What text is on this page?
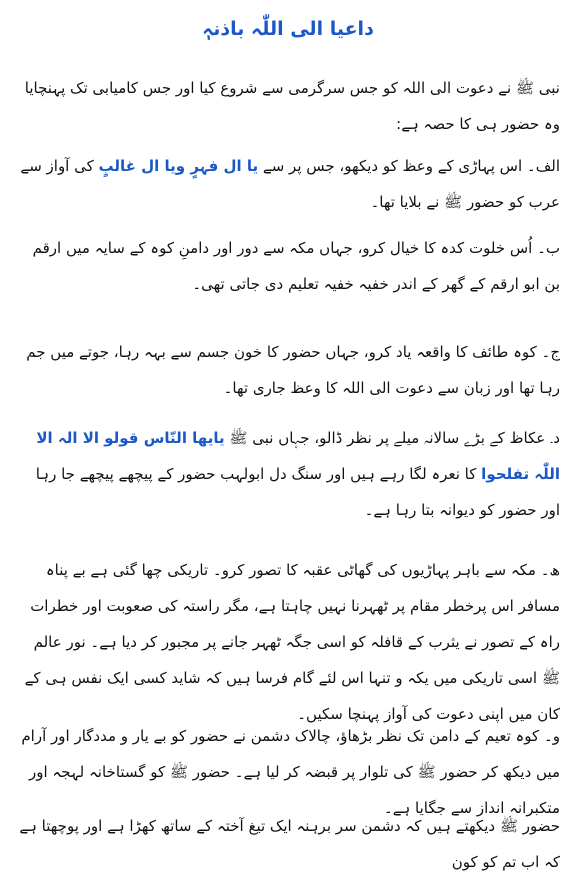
داعیا الی اللّٰہ باذنہٖ
نبی ﷺ نے دعوت الی اللہ کو جس سرگرمی سے شروع کیا اور جس کامیابی تک پہنچایا وہ حضور ہی کا حصہ ہے:
الف۔ اس پہاڑی کے وعظ کو دیکھو، جس پر سے یا ال فہرٍ ویا ال غالبٍ کی آواز سے عرب کو حضور ﷺ نے بلایا تھا۔
ب۔ اُس خلوت کدہ کا خیال کرو، جہاں مکہ سے دور اور دامنِ کوہ کے سایہ میں ارقم بن ابو ارقم کے گھر کے اندر خفیہ خفیہ تعلیم دی جاتی تھی۔
ج۔ کوہ طائف کا واقعہ یاد کرو، جہاں حضور کا خون جسم سے بہہ رہا، جوتے میں جم رہا تھا اور زبان سے دعوت الی اللہ کا وعظ جاری تھا۔
د۔ عکاظ کے بڑے سالانہ میلے پر نظر ڈالو، جہاں نبی ﷺ یایھا النّاس قولو الا الہ الا اللّٰہ تفلحوا کا نعرہ لگا رہے ہیں اور سنگ دل ابولہب حضور کے پیچھے پیچھے جا رہا اور حضور کو دیوانہ بتا رہا ہے۔
ھ۔ مکہ سے باہر پہاڑیوں کی گھاٹی عقبہ کا تصور کرو۔ تاریکی چھا گئی ہے بے پناہ مسافر اس پرخطر مقام پر ٹھہرنا نہیں چاہتا ہے، مگر راستہ کی صعوبت اور خطرات راہ کے تصور نے یثرب کے قافلہ کو اسی جگہ ٹھہر جانے پر مجبور کر دیا ہے۔ نور عالم ﷺ اسی تاریکی میں یکہ و تنہا اس لئے گام فرسا ہیں کہ شاید کسی ایک نفس ہی کے کان میں اپنی دعوت کی آواز پہنچا سکیں۔
و۔ کوہ تعیم کے دامن تک نظر بڑھاؤ، چالاک دشمن نے حضور کو بے یار و مددگار اور آرام میں دیکھ کر حضور ﷺ کی تلوار پر قبضہ کر لیا ہے۔ حضور ﷺ کو گستاخانہ لہجہ اور متکبرانہ انداز سے جگایا ہے۔
حضور ﷺ دیکھتے ہیں کہ دشمن سر برہنہ ایک تیغ آختہ کے ساتھ کھڑا ہے اور پوچھتا ہے کہ اب تم کو کون
